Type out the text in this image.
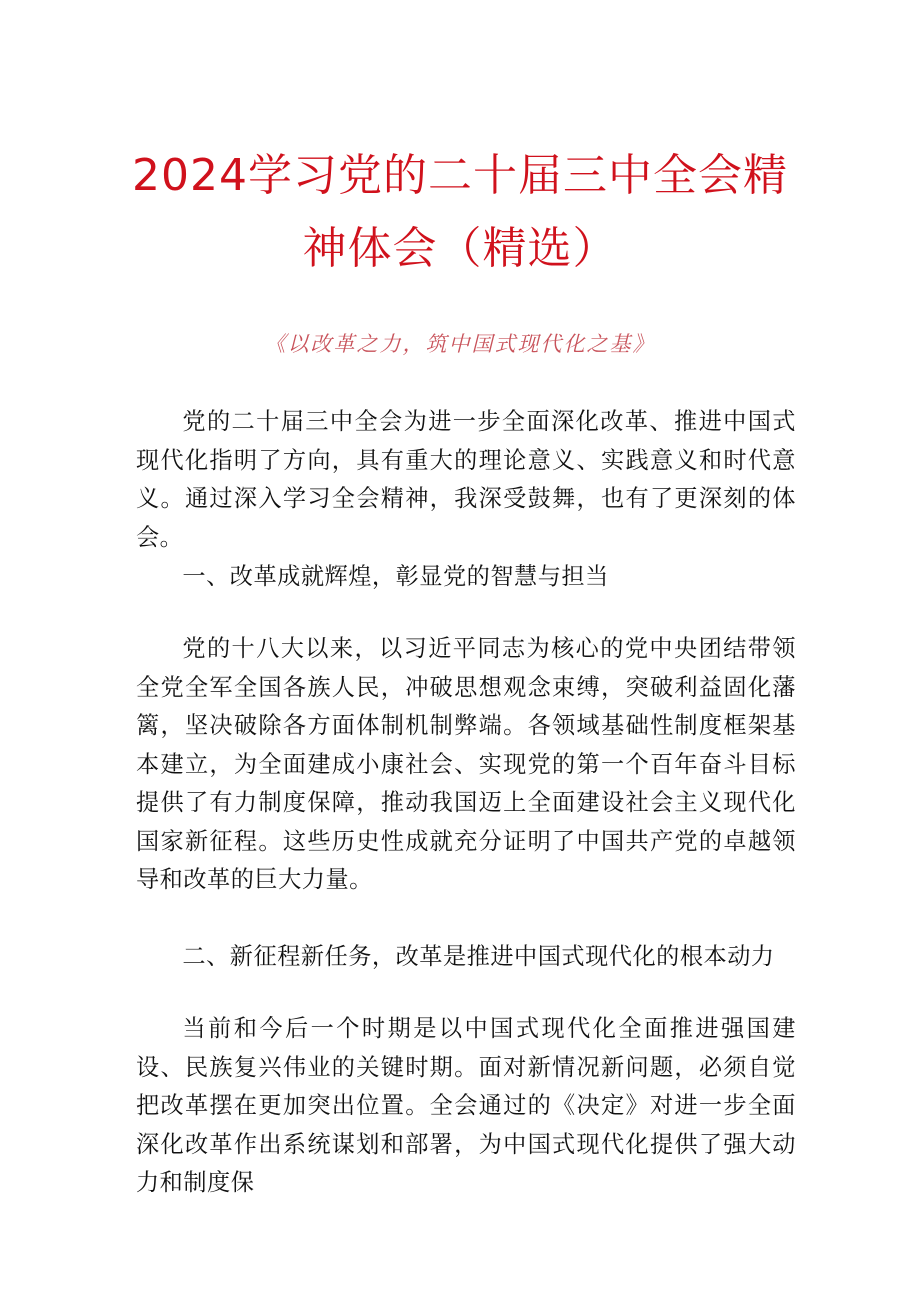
2024学习党的二十届三中全会精
神体会（精选）
《以改革之力，筑中国式现代化之基》

党的二十届三中全会为进一步全面深化改革、推进中国式现代化指明了方向，具有重大的理论意义、实践意义和时代意义。通过深入学习全会精神，我深受鼓舞，也有了更深刻的体会。

一、改革成就辉煌，彰显党的智慧与担当

党的十八大以来，以习近平同志为核心的党中央团结带领全党全军全国各族人民，冲破思想观念束缚，突破利益固化藩篱，坚决破除各方面体制机制弊端。各领域基础性制度框架基本建立，为全面建成小康社会、实现党的第一个百年奋斗目标提供了有力制度保障，推动我国迈上全面建设社会主义现代化国家新征程。这些历史性成就充分证明了中国共产党的卓越领导和改革的巨大力量。

二、新征程新任务，改革是推进中国式现代化的根本动力

当前和今后一个时期是以中国式现代化全面推进强国建设、民族复兴伟业的关键时期。面对新情况新问题，必须自觉把改革摆在更加突出位置。全会通过的《决定》对进一步全面深化改革作出系统谋划和部署，为中国式现代化提供了强大动力和制度保
